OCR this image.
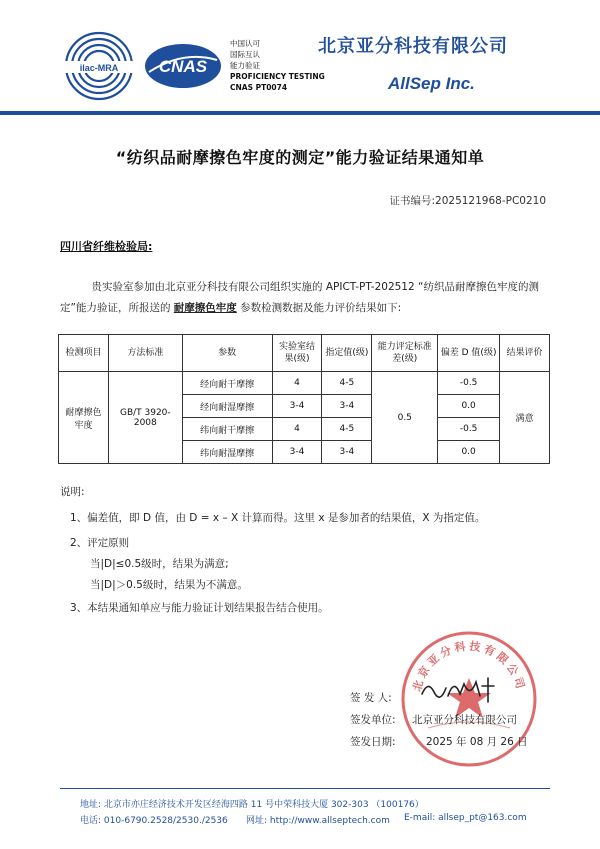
ilac-MRA CNAS
中国认可
国际互认
能力验证
PROFICIENCY TESTING
CNAS PT0074
北京亚分科技有限公司
AllSep Inc.
“纺织品耐摩擦色牢度的测定”能力验证结果通知单
证书编号:2025121968-PC0210
四川省纤维检验局:
贵实验室参加由北京亚分科技有限公司组织实施的 APICT-PT-202512 “纺织品耐摩擦色牢度的测定”能力验证，所报送的 耐摩擦色牢度 参数检测数据及能力评价结果如下:
检测项目	方法标准	参数	实验室结果(级)	指定值(级)	能力评定标准差(级)	偏差 D 值(级)	结果评价
耐摩擦色牢度	GB/T 3920-2008	经向耐干摩擦	4	4-5	0.5	-0.5	满意
		经向耐湿摩擦	3-4	3-4		0.0	
		纬向耐干摩擦	4	4-5		-0.5	
		纬向耐湿摩擦	3-4	3-4		0.0	
说明:
1、偏差值，即 D 值，由 D = x – X 计算而得。这里 x 是参加者的结果值，X 为指定值。
2、评定原则
当|D|≤0.5级时，结果为满意;
当|D|＞0.5级时，结果为不满意。
3、本结果通知单应与能力验证计划结果报告结合使用。
北京亚分科技有限公司
签 发 人:
签发单位: 北京亚分科技有限公司
签发日期:	2025 年 08 月 26 日
地址: 北京市亦庄经济技术开发区经海四路 11 号中荣科技大厦 302-303 （100176）
电话: 010-6790.2528/2530./2536 网址: http://www.allseptech.com E-mail: allsep_pt@163.com
